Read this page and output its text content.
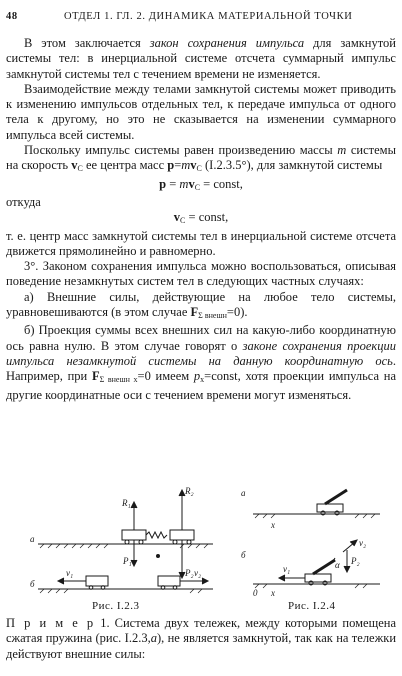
48	ОТДЕЛ 1. ГЛ. 2. ДИНАМИКА МАТЕРИАЛЬНОЙ ТОЧКИ

В этом заключается закон сохранения импульса для замкнутой системы тел: в инерциальной системе отсчета суммарный импульс замкнутой системы тел с течением времени не изменяется.

Взаимодействие между телами замкнутой системы может приводить к изменению импульсов отдельных тел, к передаче импульса от одного тела к другому, но это не сказывается на изменении суммарного импульса всей системы.

Поскольку импульс системы равен произведению массы m системы на скорость $v_C$ ее центра масс $p=mv_C$ (I.2.3.5°), для замкнутой системы

$p = mv_C$ = const,

откуда

$v_C$ = const,

т. е. центр масс замкнутой системы тел в инерциальной системе отсчета движется прямолинейно и равномерно.

3°. Законом сохранения импульса можно воспользоваться, описывая поведение незамкнутых систем тел в следующих частных случаях:

а) Внешние силы, действующие на любое тело системы, уравновешиваются (в этом случае $F_{\Sigma внешн}=0$).

б) Проекция суммы всех внешних сил на какую-либо координатную ось равна нулю. В этом случае говорят о законе сохранения проекции импульса незамкнутой системы на данную координатную ось. Например, при $F_{\Sigma внешн x}=0$ имеем $p_x=const$, хотя проекции импульса на другие координатные оси с течением времени могут изменяться.

а
б
R₁
R₂
P₁
P₂
v₁	v₂
а
б
x
x
0
v₁
v₂
P₂
α
Рис. I.2.3	Рис. I.2.4
П р и м е р 1. Система двух тележек, между которыми помещена сжатая пружина (рис. I.2.3,а), не является замкнутой, так как на тележки действуют внешние силы:
